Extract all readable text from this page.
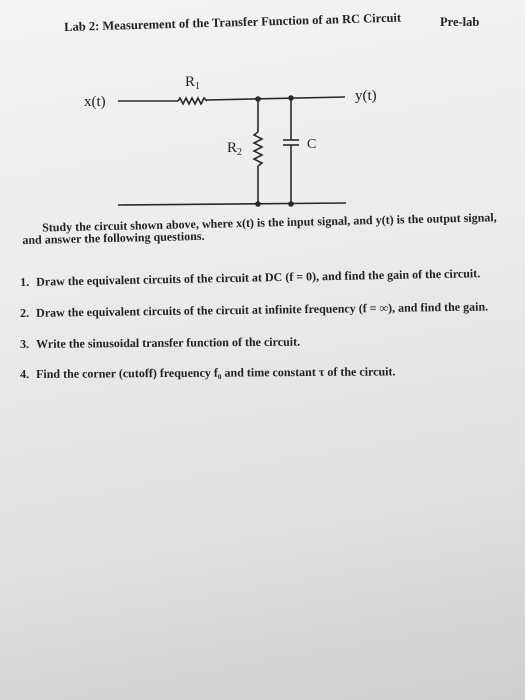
Lab 2: Measurement of the Transfer Function of an RC Circuit	Pre-lab
x(t)	y(t)
$R_1$
$R_2$
C
Study the circuit shown above, where x(t) is the input signal, and y(t) is the output signal,
and answer the following questions.
1. Draw the equivalent circuits of the circuit at DC (f = 0), and find the gain of the circuit.
2. Draw the equivalent circuits of the circuit at infinite frequency (f = ∞), and find the gain.
3. Write the sinusoidal transfer function of the circuit.
4. Find the corner (cutoff) frequency f₀ and time constant τ of the circuit.
